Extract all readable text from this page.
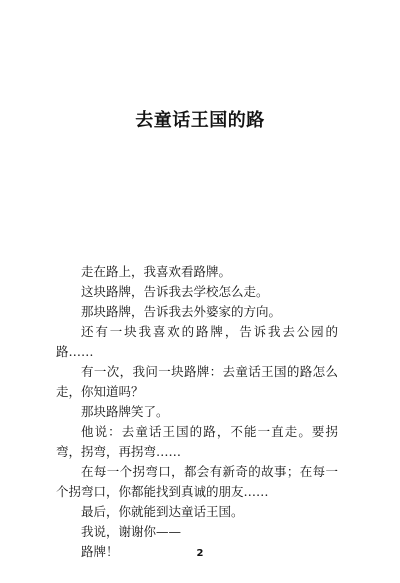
去童话王国的路

走在路上，我喜欢看路牌。

这块路牌，告诉我去学校怎么走。

那块路牌，告诉我去外婆家的方向。

还有一块我喜欢的路牌，告诉我去公园的路……

有一次，我问一块路牌：去童话王国的路怎么走，你知道吗？

那块路牌笑了。

他说：去童话王国的路，不能一直走。要拐弯，拐弯，再拐弯……

在每一个拐弯口，都会有新奇的故事；在每一个拐弯口，你都能找到真诚的朋友……

最后，你就能到达童话王国。

我说，谢谢你——

路牌！	2
